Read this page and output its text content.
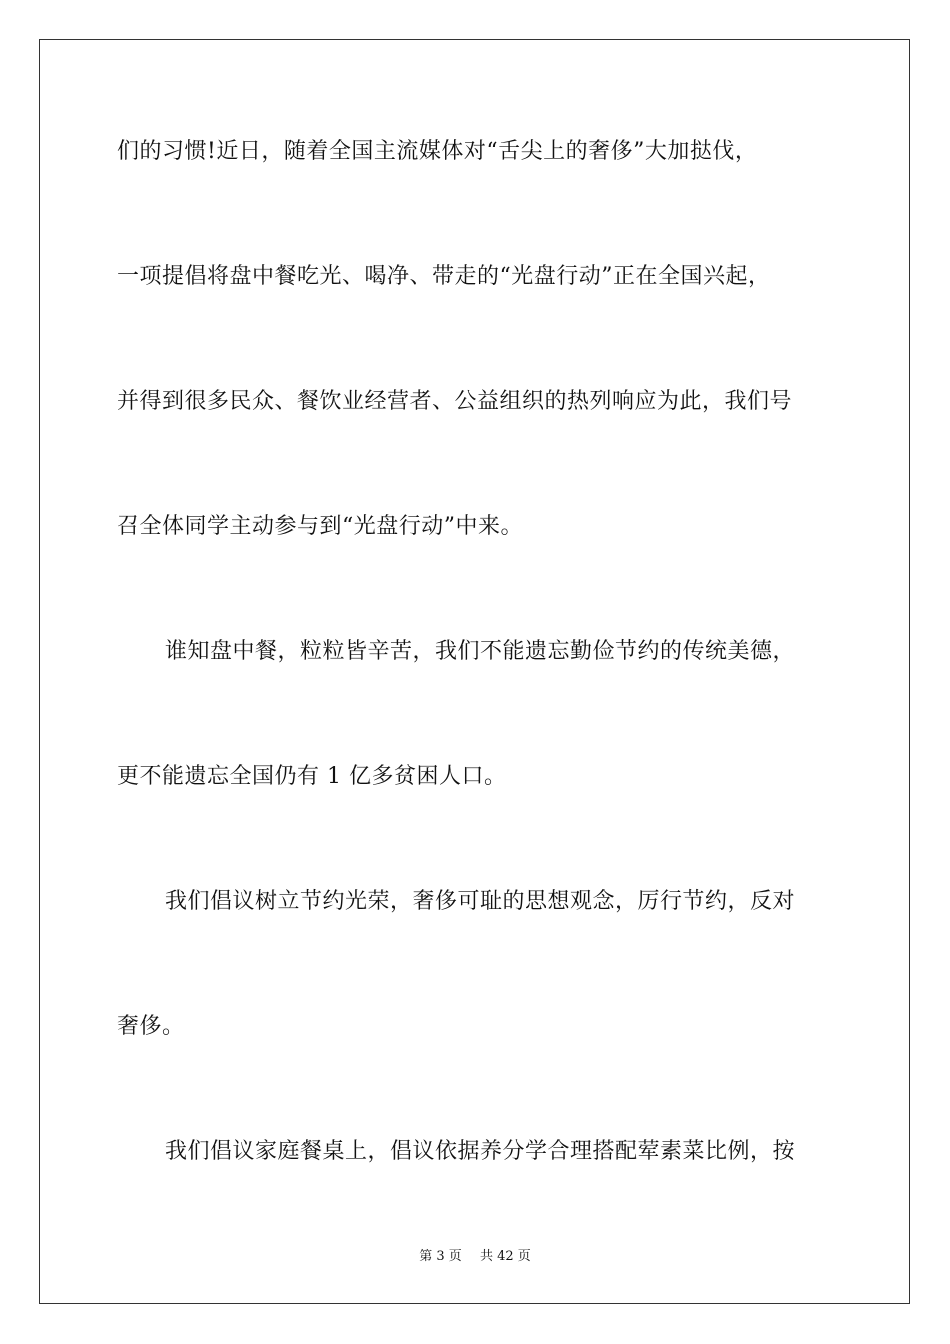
们的习惯!近日，随着全国主流媒体对“舌尖上的奢侈”大加挞伐，
一项提倡将盘中餐吃光、喝净、带走的“光盘行动”正在全国兴起，
并得到很多民众、餐饮业经营者、公益组织的热列响应为此，我们号
召全体同学主动参与到“光盘行动”中来。
谁知盘中餐，粒粒皆辛苦，我们不能遗忘勤俭节约的传统美德，
更不能遗忘全国仍有 1 亿多贫困人口。
我们倡议树立节约光荣，奢侈可耻的思想观念，厉行节约，反对
奢侈。
我们倡议家庭餐桌上，倡议依据养分学合理搭配荤素菜比例，按
第 3 页 共 42 页
